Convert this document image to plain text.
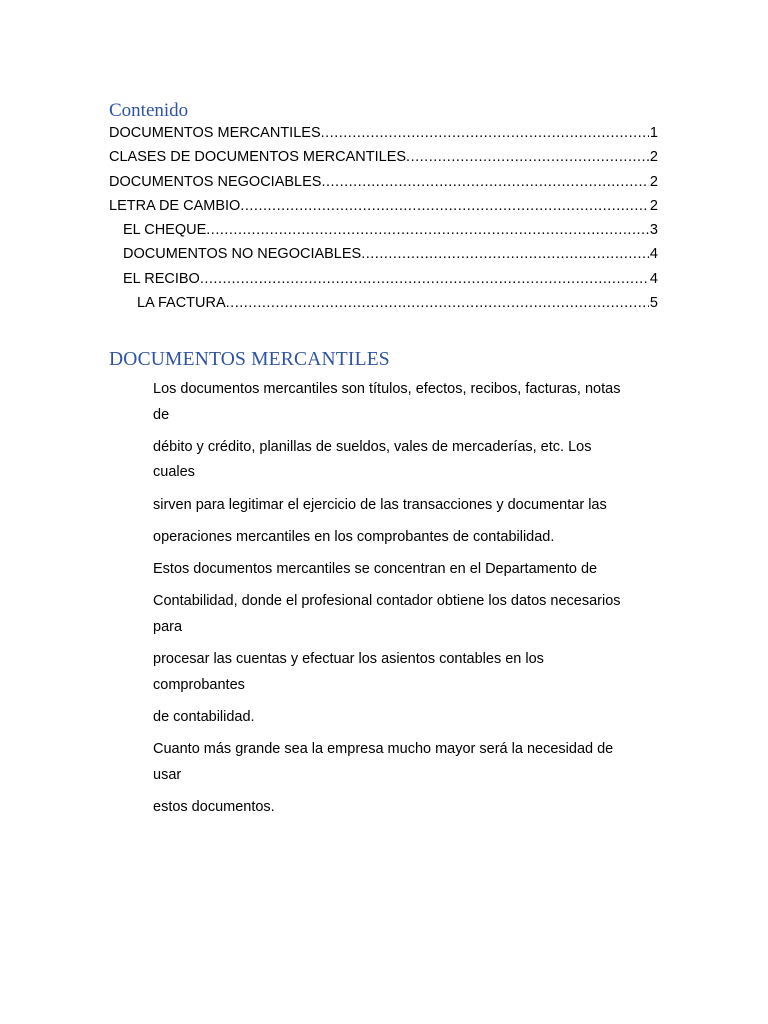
Contenido
DOCUMENTOS MERCANTILES .....	1
CLASES DE DOCUMENTOS MERCANTILES .....	2
DOCUMENTOS NEGOCIABLES .....	2
LETRA DE CAMBIO .....	2
EL CHEQUE .....	3
DOCUMENTOS NO NEGOCIABLES .....	4
EL RECIBO .....	4
LA FACTURA .....	5
DOCUMENTOS MERCANTILES

Los documentos mercantiles son títulos, efectos, recibos, facturas, notas de

débito y crédito, planillas de sueldos, vales de mercaderías, etc. Los cuales

sirven para legitimar el ejercicio de las transacciones y documentar las

operaciones mercantiles en los comprobantes de contabilidad.

Estos documentos mercantiles se concentran en el Departamento de

Contabilidad, donde el profesional contador obtiene los datos necesarios para

procesar las cuentas y efectuar los asientos contables en los comprobantes

de contabilidad.

Cuanto más grande sea la empresa mucho mayor será la necesidad de usar

estos documentos.
